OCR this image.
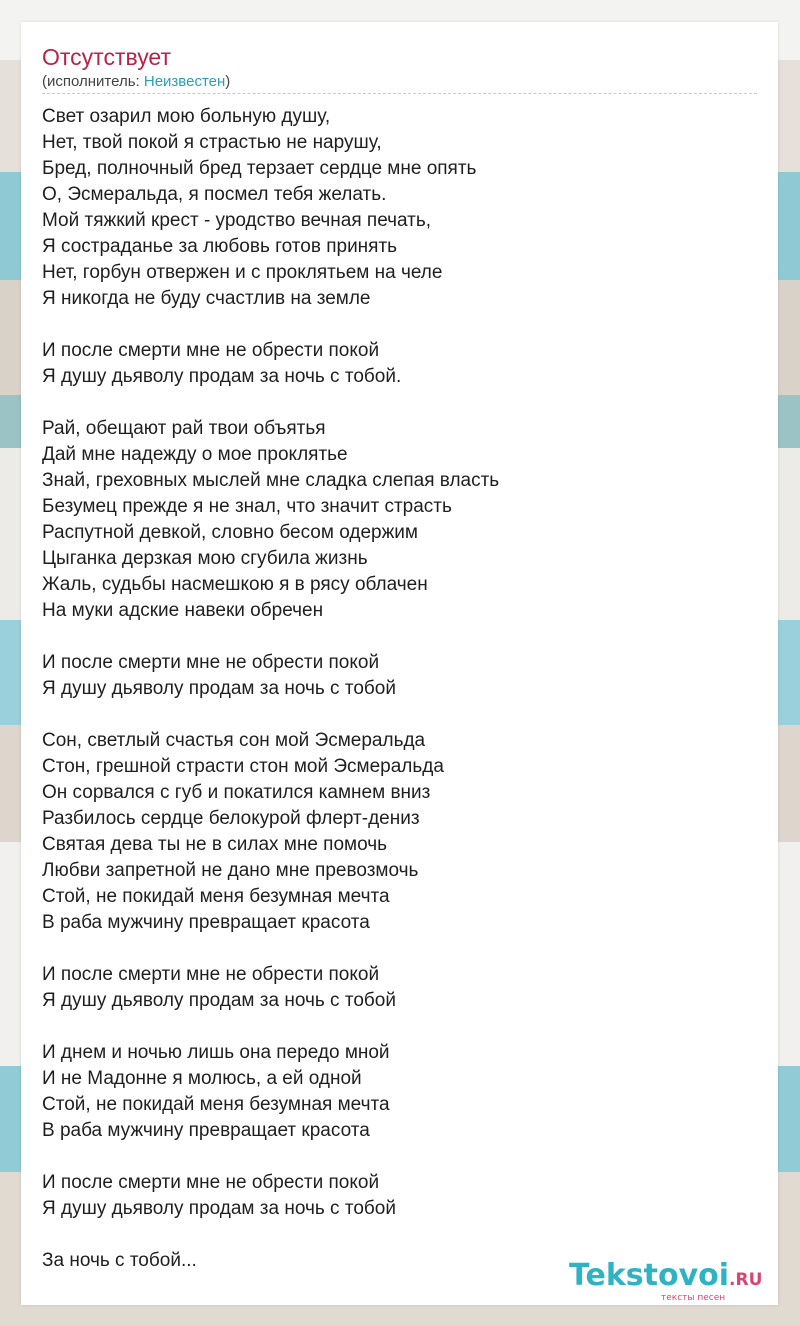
Отсутствует
(исполнитель: Неизвестен)
Свет озарил мою больную душу,
Нет, твой покой я страстью не нарушу,
Бред, полночный бред терзает сердце мне опять
О, Эсмеральда, я посмел тебя желать.
Мой тяжкий крест - уродство вечная печать,
Я состраданье за любовь готов принять
Нет, горбун отвержен и с проклятьем на челе
Я никогда не буду счастлив на земле
И после смерти мне не обрести покой
Я душу дьяволу продам за ночь с тобой.
Рай, обещают рай твои объятья
Дай мне надежду о мое проклятье
Знай, греховных мыслей мне сладка слепая власть
Безумец прежде я не знал, что значит страсть
Распутной девкой, словно бесом одержим
Цыганка дерзкая мою сгубила жизнь
Жаль, судьбы насмешкою я в рясу облачен
На муки адские навеки обречен
И после смерти мне не обрести покой
Я душу дьяволу продам за ночь с тобой
Сон, светлый счастья сон мой Эсмеральда
Стон, грешной страсти стон мой Эсмеральда
Он сорвался с губ и покатился камнем вниз
Разбилось сердце белокурой флерт-дениз
Святая дева ты не в силах мне помочь
Любви запретной не дано мне превозмочь
Стой, не покидай меня безумная мечта
В раба мужчину превращает красота
И после смерти мне не обрести покой
Я душу дьяволу продам за ночь с тобой
И днем и ночью лишь она передо мной
И не Мадонне я молюсь, а ей одной
Стой, не покидай меня безумная мечта
В раба мужчину превращает красота
И после смерти мне не обрести покой
Я душу дьяволу продам за ночь с тобой
За ночь с тобой...	Tekstovoi.RU
тексты песен
